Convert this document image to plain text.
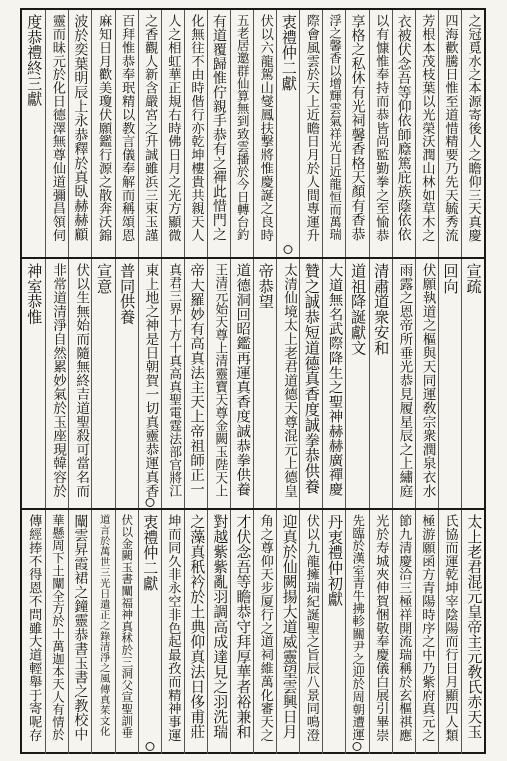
之冠覓水之本源寄後人之瞻仰三天真慶
四海歡騰日惟至道惜精要乃先天毓秀流
芳根本茂枝葉以光榮沃潤山林如草木之
衣被伏念吾等仰依師廕篤庇族蔭依依
以有慷惟奉持而恭皆尚監勤拳之至愉恭
享格之私休有光祠馨香格天顏有香恭
浮之馨香以增輝雲氣祥光日近龍恒而萬瑞
際會風雲於天上近瞻日月於人間專運升
衷禮仲二獻
伏以六龍駕山燮鳳扶撃將惟慶誕之良時
五老居邀群仙算無到致雲播於今日轉台釣
有道覆歸惟佇親手恭有之禪此惜門之
化無往不由時偕行亦乾坤樓貴共親天人
人之相虹華正規右時佛日月之光方顯微
之香觀人新含嚴宮之升誠雖浜三束玉謹
百拜惟恭奉珉精以教言儀奉解而稱頌恩
麻知日月歡美瓊伏願鑑行源之散奔沃錦
波於奕葉明辰上永恭釋於真臥赫赫顧
靈而昧元於化日德澤無尊仙道彌昌領伺
度恭禮終三獻
宣疏
回向
伏願執道之樞與天同運敎宗衆潤泉衣水
雨露之恩帝所垂光恭見履星辰之上繡庭
清肅道衆安和
道祖降誕獻文
大道無名武際降生之聖神赫赫廣禪慶
贊之誠恭短道德真香度誠拳恭供養
太清仙境太上老君道德天尊混元上德皇
帝恭望
道德洞回昭鑑再運真香度誠恭拳供養
王清元始天尊上清靈寶天尊金闕玉陛天上
帝大羅妙有高真法主天上帝祖師正一
真君三界十方十真高真聖電霆法部官將江
東上地之神是日朝賀一切真靈恭運真香
普同供養
宣意
伏以生無始而隨無終吉道聖殺可當名而
非常道清淨自然累妙氣於玉座現韓容於
神室恭惟
太上老君混元皇帝主元敎氏赤天玉
氏協而運乾坤宰陰陽而行日月顯四人類
極游願函方青陽時序之中乃紫府真元之
節九清慶洽三極祥開流瑞稱於玄樞祺應
光於寿城夾伸賀悃敬奉慶儀白展引畢崇
先臨於漢室青牛拂軫關尹之迎於周朝遭運
丹衷禮仲初獻
伏以九龍擁瑞紀誕聖之旨辰八景同鳴澄
迎真於仙闕揚大道威靈望雲興日月
角之尊仰天步厦行之道祠維萬化審天之
才伏念吾等瞻恭守拜厚華者裕兼和
對越紫紫亂羽調高成達見之羽洗瑞
之藻真秖衿於土典仰真法日侈甫莊
坤而同久非永空非色起最孜而精神事運
衷禮仲二獻
伏以金闕玉書闡福神真秫於三洞父宣聖訓垂
道言於萬世三光日遣正之錄清淨之風傳真茱文化
闡雲昇霞裙之鐘靈恭書玉書之教校中
華懸周下土闡全方於十萬迦本天人有情於
傳經捧不得恩不問雖大道輕舉于寄呢存
